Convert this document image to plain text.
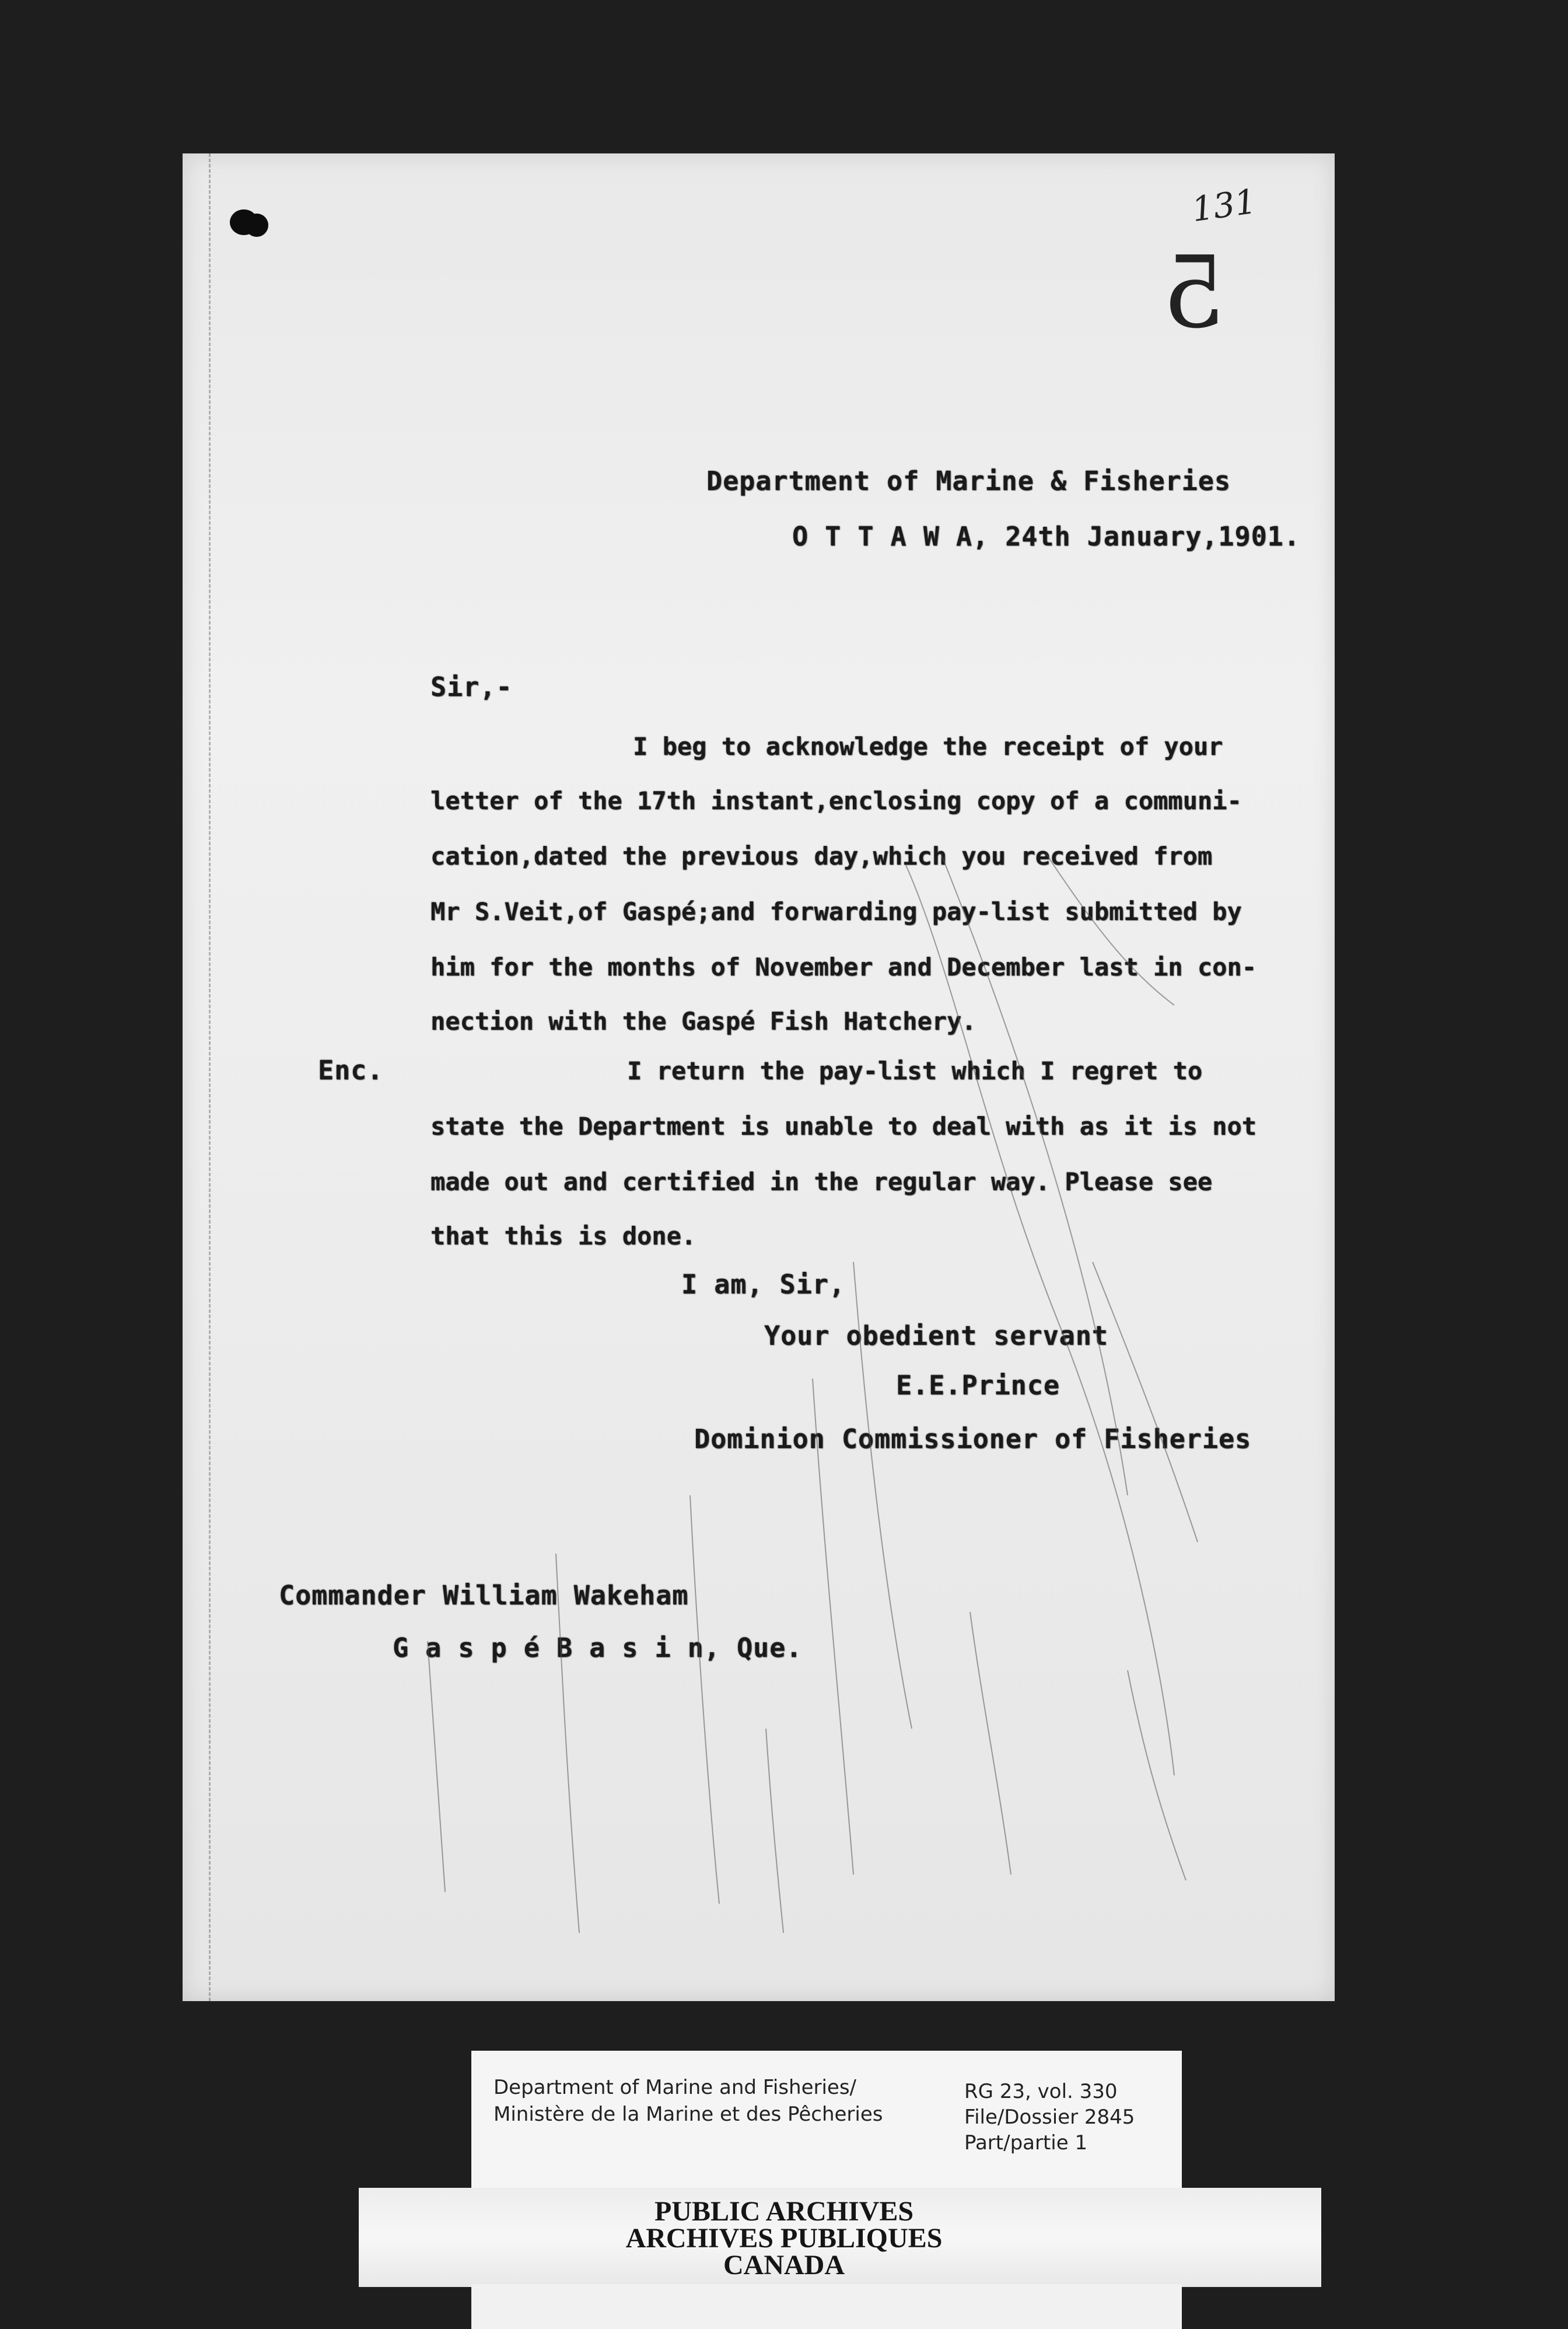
131
5
Department of Marine & Fisheries
O T T A W A, 24th January,1901.
Sir,-
I beg to acknowledge the receipt of your
letter of the 17th instant,enclosing copy of a communi-
cation,dated the previous day,which you received from
Mr S.Veit,of Gaspé;and forwarding pay-list submitted by
him for the months of November and December last in con-
nection with the Gaspé Fish Hatchery.
Enc.	I return the pay-list which I regret to
state the Department is unable to deal with as it is not
made out and certified in the regular way. Please see
that this is done.
I am, Sir,
Your obedient servant
E.E.Prince
Dominion Commissioner of Fisheries
Commander William Wakeham
G a s p é B a s i n, Que.
Department of Marine and Fisheries/
Ministère de la Marine et des Pêcheries
RG 23, vol. 330
File/Dossier 2845
Part/partie 1
PUBLIC ARCHIVES
ARCHIVES PUBLIQUES
CANADA
